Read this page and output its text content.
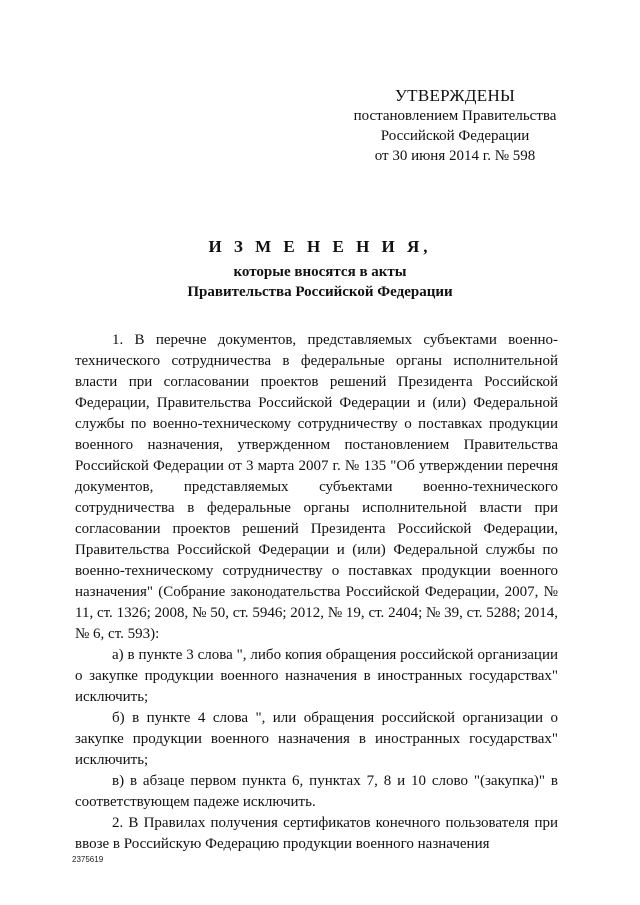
УТВЕРЖДЕНЫ
постановлением Правительства
Российской Федерации
от 30 июня 2014 г. № 598
И З М Е Н Е Н И Я,
которые вносятся в акты
Правительства Российской Федерации

1. В перечне документов, представляемых субъектами военно-технического сотрудничества в федеральные органы исполнительной власти при согласовании проектов решений Президента Российской Федерации, Правительства Российской Федерации и (или) Федеральной службы по военно-техническому сотрудничеству о поставках продукции военного назначения, утвержденном постановлением Правительства Российской Федерации от 3 марта 2007 г. № 135 "Об утверждении перечня документов, представляемых субъектами военно-технического сотрудничества в федеральные органы исполнительной власти при согласовании проектов решений Президента Российской Федерации, Правительства Российской Федерации и (или) Федеральной службы по военно-техническому сотрудничеству о поставках продукции военного назначения" (Собрание законодательства Российской Федерации, 2007, № 11, ст. 1326; 2008, № 50, ст. 5946; 2012, № 19, ст. 2404; № 39, ст. 5288; 2014, № 6, ст. 593):

а) в пункте 3 слова ", либо копия обращения российской организации о закупке продукции военного назначения в иностранных государствах" исключить;

б) в пункте 4 слова ", или обращения российской организации о закупке продукции военного назначения в иностранных государствах" исключить;

в) в абзаце первом пункта 6, пунктах 7, 8 и 10 слово "(закупка)" в соответствующем падеже исключить.

2. В Правилах получения сертификатов конечного пользователя при ввозе в Российскую Федерацию продукции военного назначения

2375619
